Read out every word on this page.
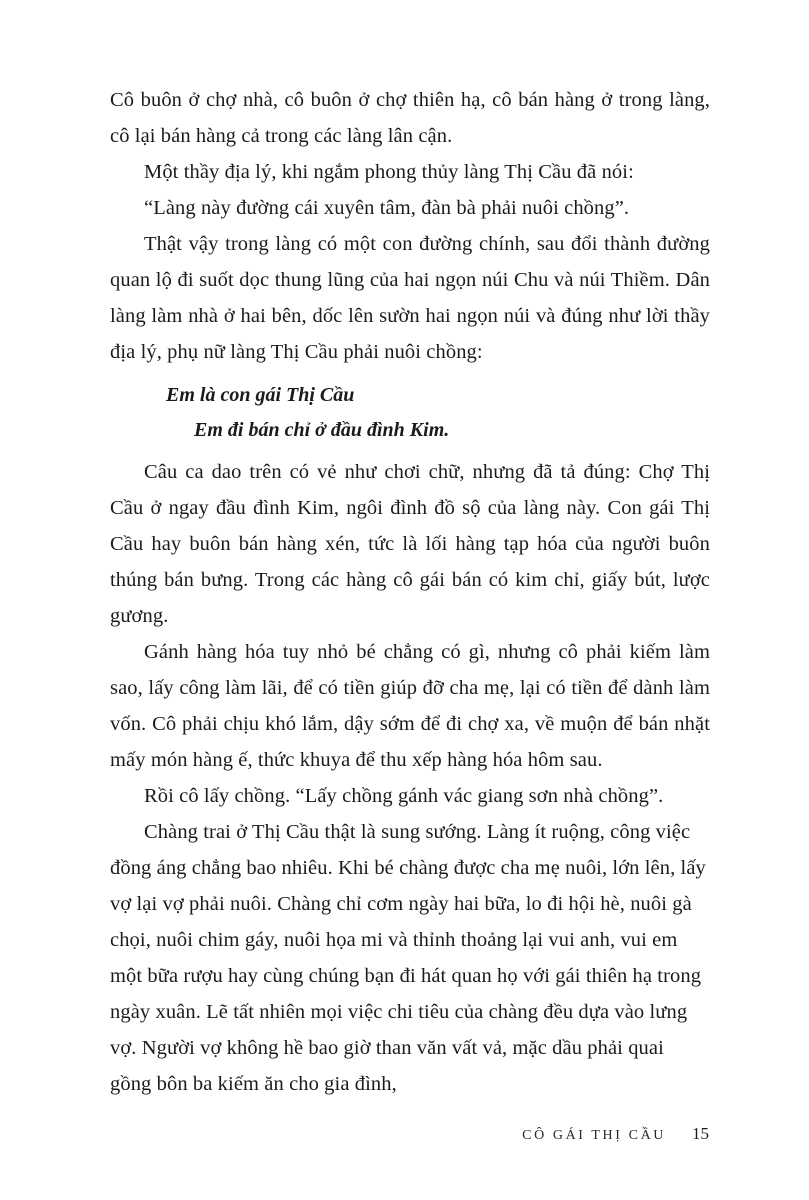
Cô buôn ở chợ nhà, cô buôn ở chợ thiên hạ, cô bán hàng ở trong làng, cô lại bán hàng cả trong các làng lân cận.

Một thầy địa lý, khi ngắm phong thủy làng Thị Cầu đã nói:

“Làng này đường cái xuyên tâm, đàn bà phải nuôi chồng”.

Thật vậy trong làng có một con đường chính, sau đổi thành đường quan lộ đi suốt dọc thung lũng của hai ngọn núi Chu và núi Thiềm. Dân làng làm nhà ở hai bên, dốc lên sườn hai ngọn núi và đúng như lời thầy địa lý, phụ nữ làng Thị Cầu phải nuôi chồng:

Em là con gái Thị Cầu
Em đi bán chỉ ở đầu đình Kim.

Câu ca dao trên có vẻ như chơi chữ, nhưng đã tả đúng: Chợ Thị Cầu ở ngay đầu đình Kim, ngôi đình đồ sộ của làng này. Con gái Thị Cầu hay buôn bán hàng xén, tức là lối hàng tạp hóa của người buôn thúng bán bưng. Trong các hàng cô gái bán có kim chỉ, giấy bút, lược gương.

Gánh hàng hóa tuy nhỏ bé chẳng có gì, nhưng cô phải kiếm làm sao, lấy công làm lãi, để có tiền giúp đỡ cha mẹ, lại có tiền để dành làm vốn. Cô phải chịu khó lắm, dậy sớm để đi chợ xa, về muộn để bán nhặt mấy món hàng ế, thức khuya để thu xếp hàng hóa hôm sau.

Rồi cô lấy chồng. “Lấy chồng gánh vác giang sơn nhà chồng”.

Chàng trai ở Thị Cầu thật là sung sướng. Làng ít ruộng, công việc đồng áng chẳng bao nhiêu. Khi bé chàng được cha mẹ nuôi, lớn lên, lấy vợ lại vợ phải nuôi. Chàng chỉ cơm ngày hai bữa, lo đi hội hè, nuôi gà chọi, nuôi chim gáy, nuôi họa mi và thỉnh thoảng lại vui anh, vui em một bữa rượu hay cùng chúng bạn đi hát quan họ với gái thiên hạ trong ngày xuân. Lẽ tất nhiên mọi việc chi tiêu của chàng đều dựa vào lưng vợ. Người vợ không hề bao giờ than văn vất vả, mặc dầu phải quai gồng bôn ba kiếm ăn cho gia đình,

CÔ GÁI THỊ CẦU 15
